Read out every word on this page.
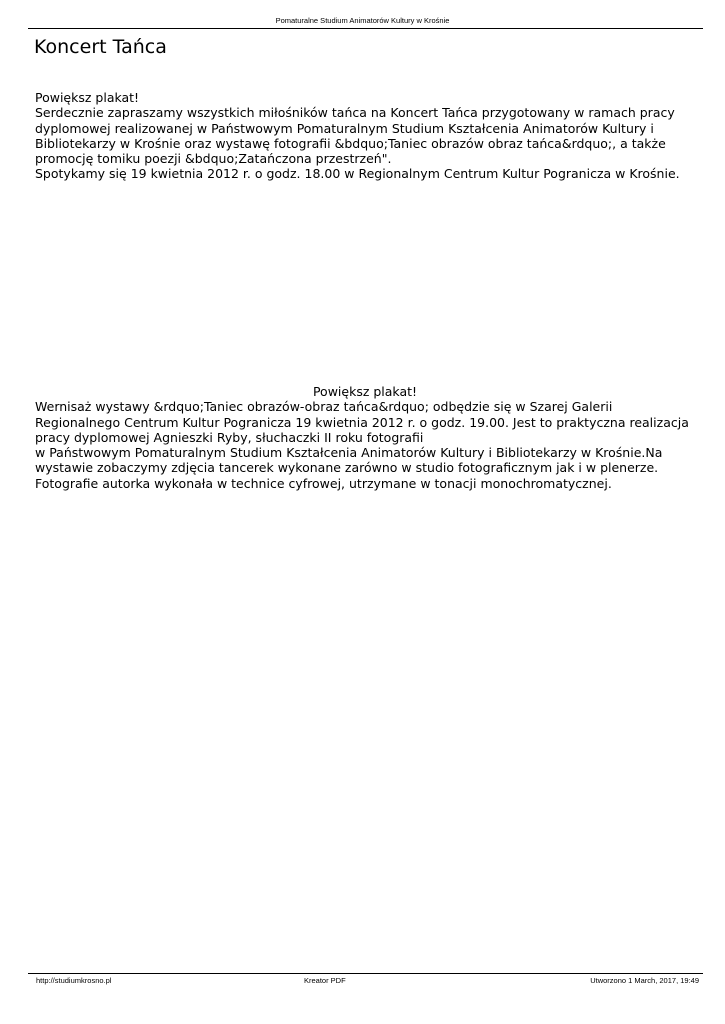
Pomaturalne Studium Animatorów Kultury w Krośnie
Koncert Tańca
Powiększ plakat!
Serdecznie zapraszamy wszystkich miłośników tańca na Koncert Tańca przygotowany w ramach pracy
dyplomowej realizowanej w Państwowym Pomaturalnym Studium Kształcenia Animatorów Kultury i
Bibliotekarzy w Krośnie oraz wystawę fotografii &bdquo;Taniec obrazów obraz tańca&rdquo;, a także
promocję tomiku poezji &bdquo;Zatańczona przestrzeń".
Spotykamy się 19 kwietnia 2012 r. o godz. 18.00 w Regionalnym Centrum Kultur Pogranicza w Krośnie.
Powiększ plakat!
Wernisaż wystawy &rdquo;Taniec obrazów-obraz tańca&rdquo; odbędzie się w Szarej Galerii
Regionalnego Centrum Kultur Pogranicza 19 kwietnia 2012 r. o godz. 19.00. Jest to praktyczna realizacja
pracy dyplomowej Agnieszki Ryby, słuchaczki II roku fotografii
w Państwowym Pomaturalnym Studium Kształcenia Animatorów Kultury i Bibliotekarzy w Krośnie.Na
wystawie zobaczymy zdjęcia tancerek wykonane zarówno w studio fotograficznym jak i w plenerze.
Fotografie autorka wykonała w technice cyfrowej, utrzymane w tonacji monochromatycznej.
http://studiumkrosno.pl	Kreator PDF	Utworzono 1 March, 2017, 19:49
